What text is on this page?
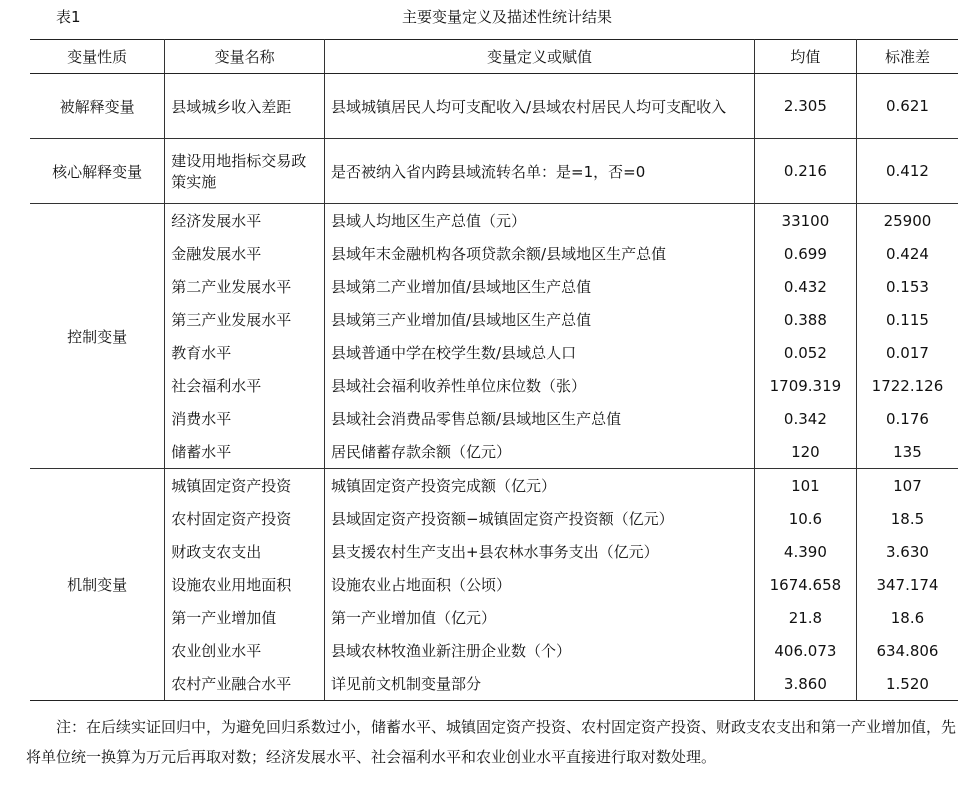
表1	主要变量定义及描述性统计结果
变量性质	变量名称	变量定义或赋值	均值	标准差
被解释变量	县域城乡收入差距	县域城镇居民人均可支配收入/县域农村居民人均可支配收入	2.305	0.621
核心解释变量	建设用地指标交易政策实施	是否被纳入省内跨县域流转名单：是=1，否=0	0.216	0.412
控制变量	经济发展水平	县域人均地区生产总值（元）	33100	25900
	金融发展水平	县域年末金融机构各项贷款余额/县域地区生产总值	0.699	0.424
	第二产业发展水平	县域第二产业增加值/县域地区生产总值	0.432	0.153
	第三产业发展水平	县域第三产业增加值/县域地区生产总值	0.388	0.115
	教育水平	县域普通中学在校学生数/县域总人口	0.052	0.017
	社会福利水平	县域社会福利收养性单位床位数（张）	1709.319	1722.126
	消费水平	县域社会消费品零售总额/县域地区生产总值	0.342	0.176
	储蓄水平	居民储蓄存款余额（亿元）	120	135
机制变量	城镇固定资产投资	城镇固定资产投资完成额（亿元）	101	107
	农村固定资产投资	县域固定资产投资额−城镇固定资产投资额（亿元）	10.6	18.5
	财政支农支出	县支援农村生产支出+县农林水事务支出（亿元）	4.390	3.630
	设施农业用地面积	设施农业占地面积（公顷）	1674.658	347.174
	第一产业增加值	第一产业增加值（亿元）	21.8	18.6
	农业创业水平	县域农林牧渔业新注册企业数（个）	406.073	634.806
	农村产业融合水平	详见前文机制变量部分	3.860	1.520
注：在后续实证回归中，为避免回归系数过小，储蓄水平、城镇固定资产投资、农村固定资产投资、财政支农支出和第一产业增加值，先将单位统一换算为万元后再取对数；经济发展水平、社会福利水平和农业创业水平直接进行取对数处理。
